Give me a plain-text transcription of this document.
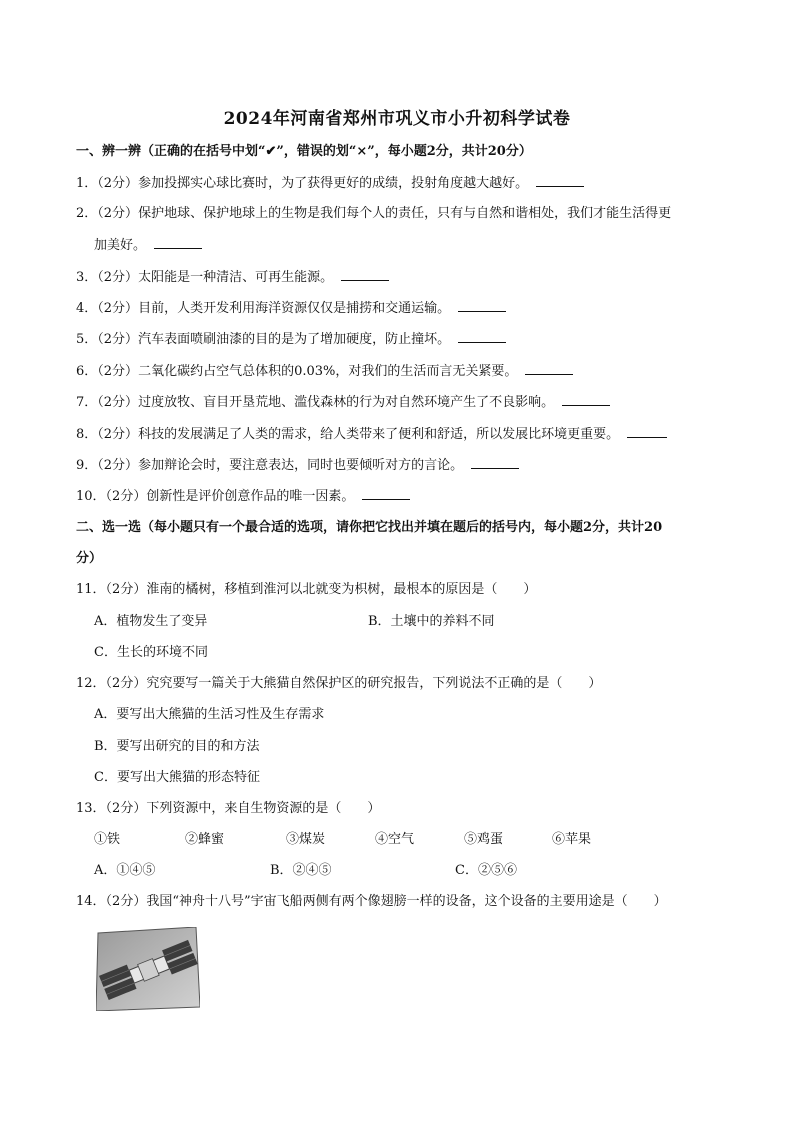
2024年河南省郑州市巩义市小升初科学试卷
一、辨一辨（正确的在括号中划“✔”，错误的划“×”，每小题2分，共计20分）
1．（2分）参加投掷实心球比赛时，为了获得更好的成绩，投射角度越大越好。
2．（2分）保护地球、保护地球上的生物是我们每个人的责任，只有与自然和谐相处，我们才能生活得更
加美好。
3．（2分）太阳能是一种清洁、可再生能源。
4．（2分）目前，人类开发利用海洋资源仅仅是捕捞和交通运输。
5．（2分）汽车表面喷刷油漆的目的是为了增加硬度，防止撞坏。
6．（2分）二氧化碳约占空气总体积的0.03%，对我们的生活而言无关紧要。
7．（2分）过度放牧、盲目开垦荒地、滥伐森林的行为对自然环境产生了不良影响。
8．（2分）科技的发展满足了人类的需求，给人类带来了便利和舒适，所以发展比环境更重要。
9．（2分）参加辩论会时，要注意表达，同时也要倾听对方的言论。
10．（2分）创新性是评价创意作品的唯一因素。
二、选一选（每小题只有一个最合适的选项，请你把它找出并填在题后的括号内，每小题2分，共计20
分）
11．（2分）淮南的橘树，移植到淮河以北就变为枳树，最根本的原因是（　　）
A．植物发生了变异	B．土壤中的养料不同
C．生长的环境不同
12．（2分）究究要写一篇关于大熊猫自然保护区的研究报告，下列说法不正确的是（　　）
A．要写出大熊猫的生活习性及生存需求
B．要写出研究的目的和方法
C．要写出大熊猫的形态特征
13．（2分）下列资源中，来自生物资源的是（　　）
①铁	②蜂蜜	③煤炭	④空气	⑤鸡蛋	⑥苹果
A．①④⑤	B．②④⑤	C．②⑤⑥
14．（2分）我国“神舟十八号”宇宙飞船两侧有两个像翅膀一样的设备，这个设备的主要用途是（　　）
